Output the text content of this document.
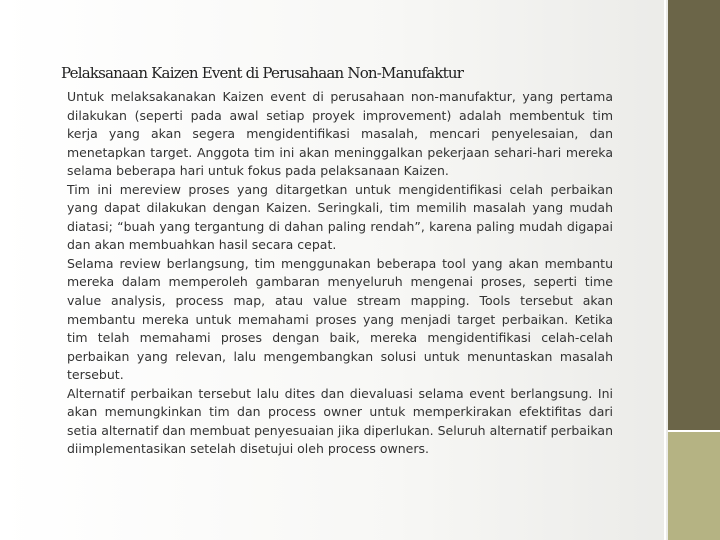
Pelaksanaan Kaizen Event di Perusahaan Non-Manufaktur

Untuk melaksakanakan Kaizen event di perusahaan non-manufaktur, yang pertama dilakukan (seperti pada awal setiap proyek improvement) adalah membentuk tim kerja yang akan segera mengidentifikasi masalah, mencari penyelesaian, dan menetapkan target. Anggota tim ini akan meninggalkan pekerjaan sehari-hari mereka selama beberapa hari untuk fokus pada pelaksanaan Kaizen.

Tim ini mereview proses yang ditargetkan untuk mengidentifikasi celah perbaikan yang dapat dilakukan dengan Kaizen. Seringkali, tim memilih masalah yang mudah diatasi; “buah yang tergantung di dahan paling rendah”, karena paling mudah digapai dan akan membuahkan hasil secara cepat.

Selama review berlangsung, tim menggunakan beberapa tool yang akan membantu mereka dalam memperoleh gambaran menyeluruh mengenai proses, seperti time value analysis, process map, atau value stream mapping. Tools tersebut akan membantu mereka untuk memahami proses yang menjadi target perbaikan. Ketika tim telah memahami proses dengan baik, mereka mengidentifikasi celah-celah perbaikan yang relevan, lalu mengembangkan solusi untuk menuntaskan masalah tersebut.

Alternatif perbaikan tersebut lalu dites dan dievaluasi selama event berlangsung. Ini akan memungkinkan tim dan process owner untuk memperkirakan efektifitas dari setia alternatif dan membuat penyesuaian jika diperlukan. Seluruh alternatif perbaikan diimplementasikan setelah disetujui oleh process owners.
